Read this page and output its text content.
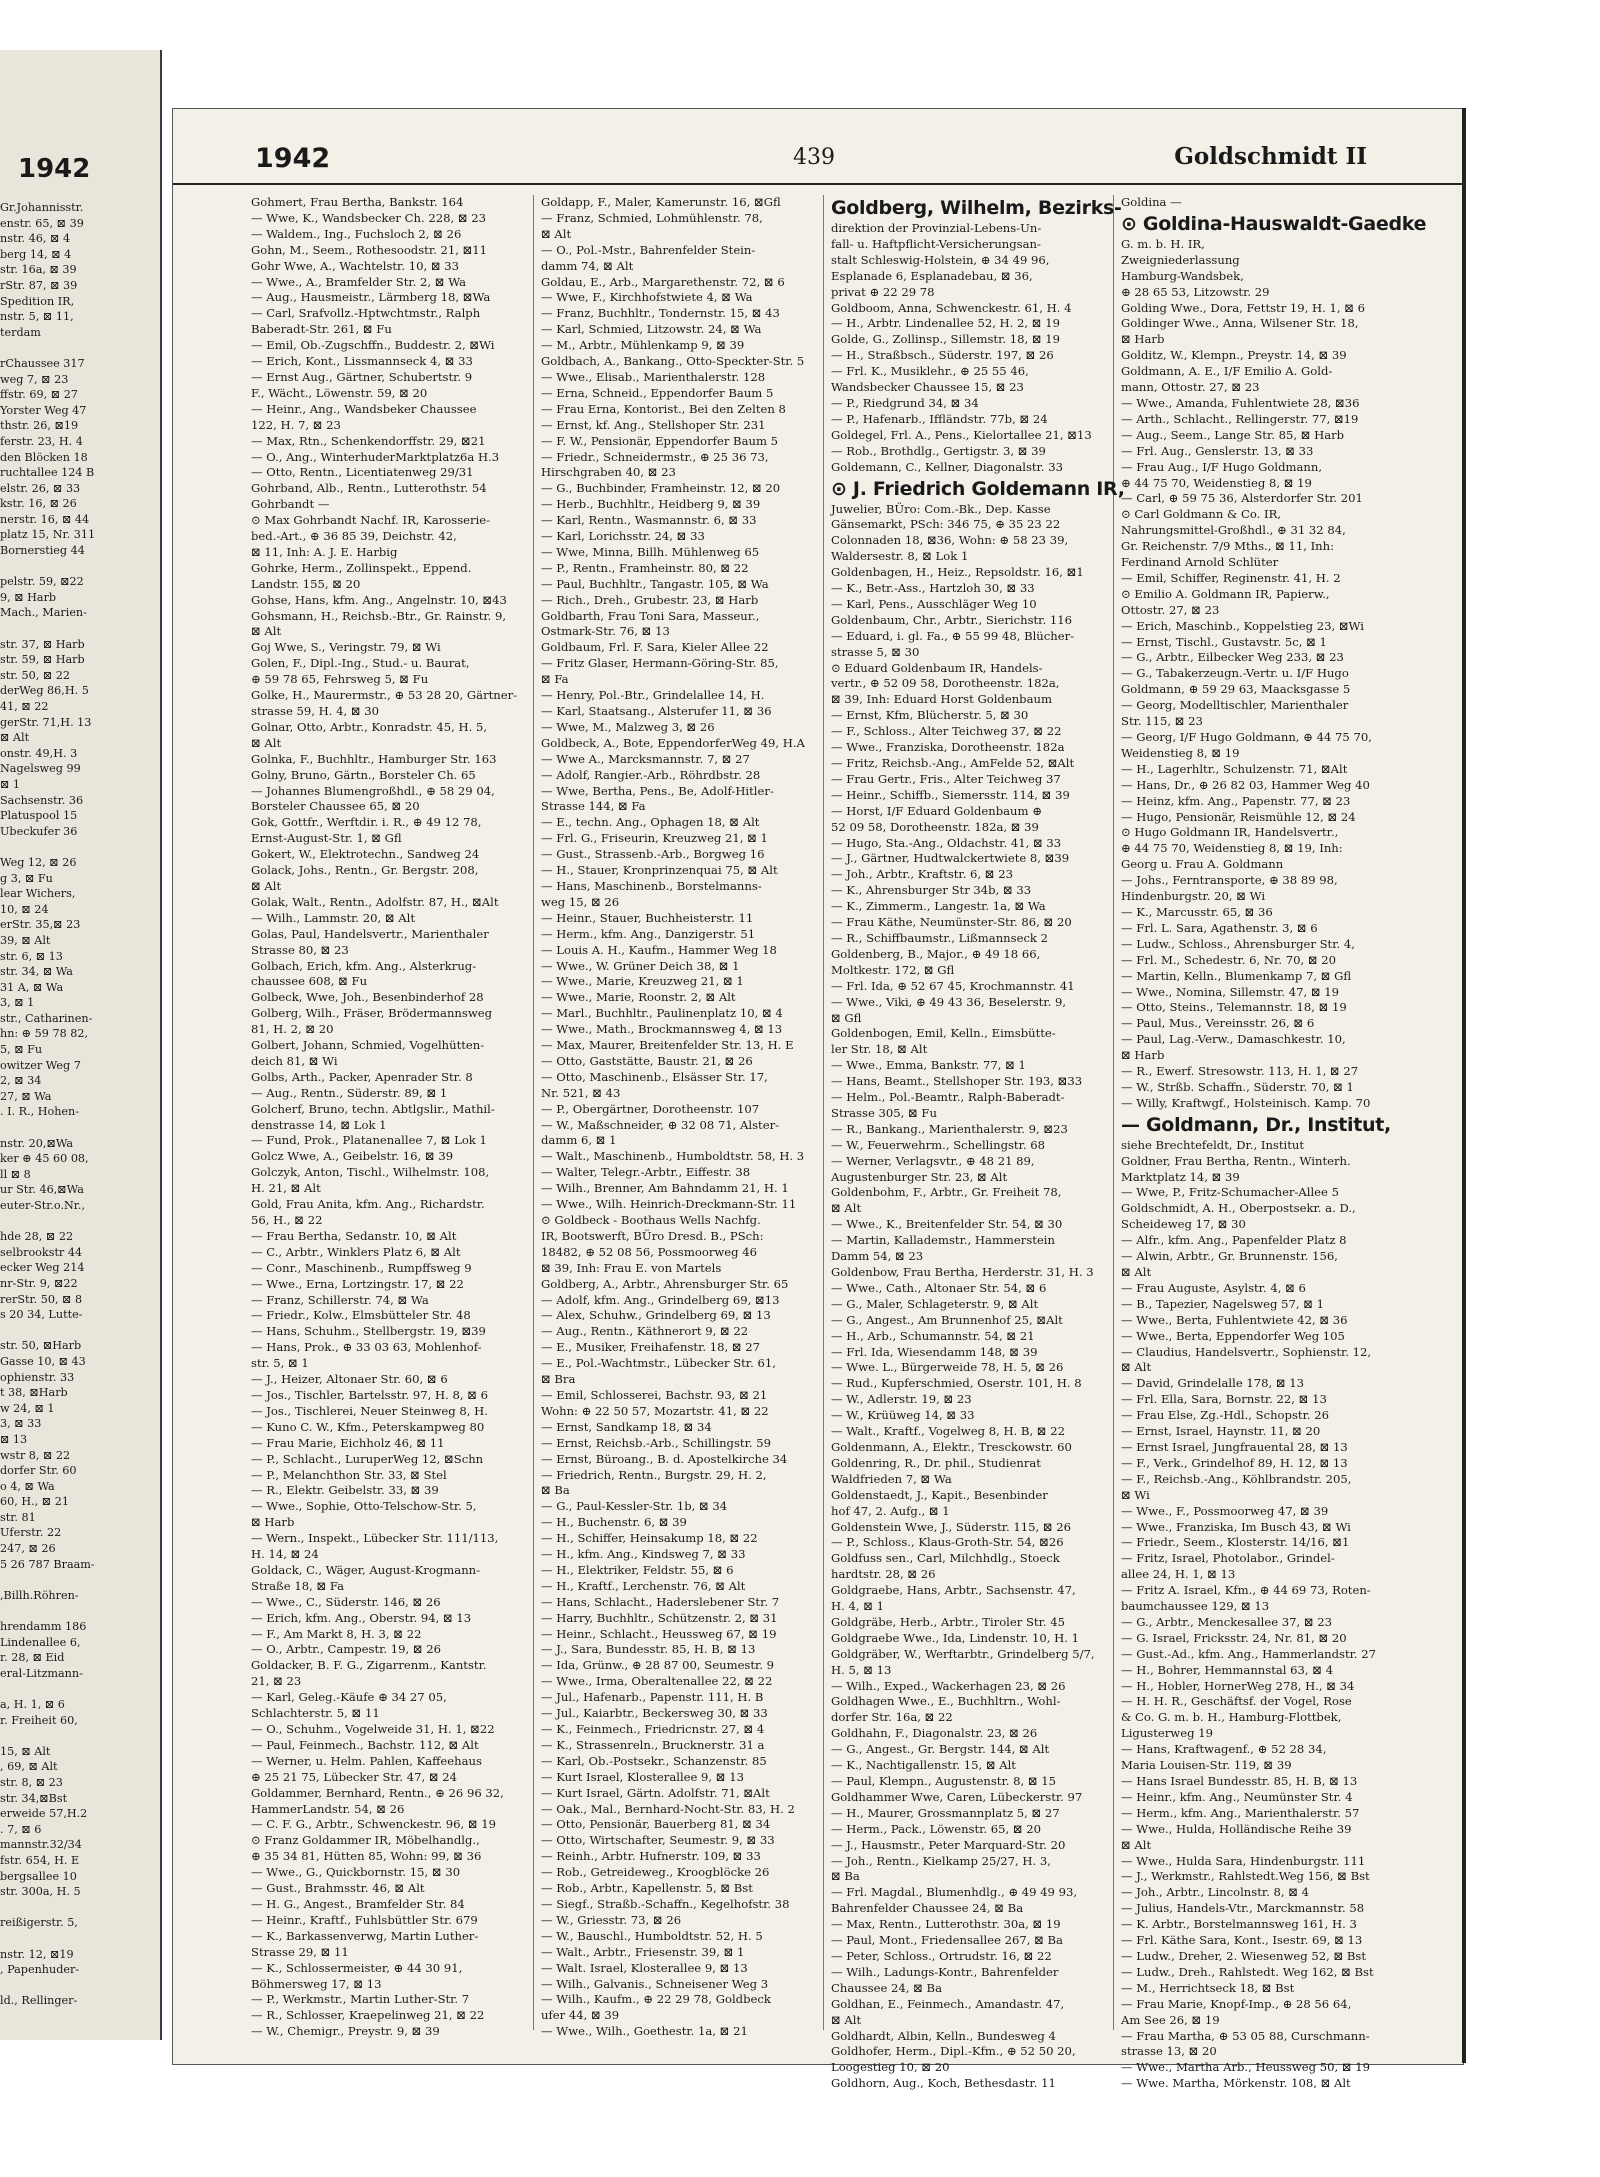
1942
Gr.Johannisstr.
enstr. 65, ⊠ 39
nstr. 46, ⊠ 4
berg 14, ⊠ 4
str. 16a, ⊠ 39
rStr. 87, ⊠ 39
Spedition IR,
nstr. 5, ⊠ 11,
terdam

rChaussee 317
weg 7, ⊠ 23
ffstr. 69, ⊠ 27
Yorster Weg 47
thstr. 26, ⊠19
ferstr. 23, H. 4
den Blöcken 18
ruchtallee 124 B
elstr. 26, ⊠ 33
kstr. 16, ⊠ 26
nerstr. 16, ⊠ 44
platz 15, Nr. 311
Bornerstieg 44

pelstr. 59, ⊠22
9, ⊠ Harb
Mach., Marien-

str. 37, ⊠ Harb
str. 59, ⊠ Harb
str. 50, ⊠ 22
derWeg 86,H. 5
41, ⊠ 22
gerStr. 71,H. 13
⊠ Alt
onstr. 49,H. 3
Nagelsweg 99
⊠ 1
Sachsenstr. 36
Platuspool 15
Ubeckufer 36

Weg 12, ⊠ 26
g 3, ⊠ Fu
lear Wichers,
10, ⊠ 24
erStr. 35,⊠ 23
39, ⊠ Alt
str. 6, ⊠ 13
str. 34, ⊠ Wa
31 A, ⊠ Wa
3, ⊠ 1
str., Catharinen-
hn: ⊕ 59 78 82,
5, ⊠ Fu
owitzer Weg 7
2, ⊠ 34
27, ⊠ Wa
. I. R., Hohen-

nstr. 20,⊠Wa
ker ⊕ 45 60 08,
ll ⊠ 8
ur Str. 46,⊠Wa
euter-Str.o.Nr.,

hde 28, ⊠ 22
selbrookstr 44
ecker Weg 214
nr-Str. 9, ⊠22
rerStr. 50, ⊠ 8
s 20 34, Lutte-

str. 50, ⊠Harb
Gasse 10, ⊠ 43
ophienstr. 33
t 38, ⊠Harb
w 24, ⊠ 1
3, ⊠ 33
⊠ 13
wstr 8, ⊠ 22
dorfer Str. 60
o 4, ⊠ Wa
60, H., ⊠ 21
str. 81
Uferstr. 22
247, ⊠ 26
5 26 787 Braam-

,Billh.Röhren-

hrendamm 186
Lindenallee 6,
r. 28, ⊠ Eid
eral-Litzmann-

a, H. 1, ⊠ 6
r. Freiheit 60,

15, ⊠ Alt
, 69, ⊠ Alt
str. 8, ⊠ 23
str. 34,⊠Bst
erweide 57,H.2
. 7, ⊠ 6
mannstr.32/34
fstr. 654, H. E
bergsallee 10
str. 300a, H. 5

reißigerstr. 5,

nstr. 12, ⊠19
, Papenhuder-

ld., Rellinger-
1942	439	Goldschmidt II
Gohmert, Frau Bertha, Bankstr. 164
— Wwe, K., Wandsbecker Ch. 228, ⊠ 23
— Waldem., Ing., Fuchsloch 2, ⊠ 26
Gohn, M., Seem., Rothesoodstr. 21, ⊠11
Gohr Wwe, A., Wachtelstr. 10, ⊠ 33
— Wwe., A., Bramfelder Str. 2, ⊠ Wa
— Aug., Hausmeistr., Lärmberg 18, ⊠Wa
— Carl, Srafvollz.-Hptwchtmstr., Ralph
Baberadt-Str. 261, ⊠ Fu
— Emil, Ob.-Zugschffn., Buddestr. 2, ⊠Wi
— Erich, Kont., Lissmannseck 4, ⊠ 33
— Ernst Aug., Gärtner, Schubertstr. 9
F., Wächt., Löwenstr. 59, ⊠ 20
— Heinr., Ang., Wandsbeker Chaussee
122, H. 7, ⊠ 23
— Max, Rtn., Schenkendorffstr. 29, ⊠21
— O., Ang., WinterhuderMarktplatz6a H.3
— Otto, Rentn., Licentiatenweg 29/31
Gohrband, Alb., Rentn., Lutterothstr. 54
Gohrbandt —
⊙ Max Gohrbandt Nachf. IR, Karosserie-
bed.-Art., ⊕ 36 85 39, Deichstr. 42,
⊠ 11, Inh: A. J. E. Harbig
Gohrke, Herm., Zollinspekt., Eppend.
Landstr. 155, ⊠ 20
Gohse, Hans, kfm. Ang., Angelnstr. 10, ⊠43
Gohsmann, H., Reichsb.-Btr., Gr. Rainstr. 9,
⊠ Alt
Goj Wwe, S., Veringstr. 79, ⊠ Wi
Golen, F., Dipl.-Ing., Stud.- u. Baurat,
⊕ 59 78 65, Fehrsweg 5, ⊠ Fu
Golke, H., Maurermstr., ⊕ 53 28 20, Gärtner-
strasse 59, H. 4, ⊠ 30
Golnar, Otto, Arbtr., Konradstr. 45, H. 5,
⊠ Alt
Golnka, F., Buchhltr., Hamburger Str. 163
Golny, Bruno, Gärtn., Borsteler Ch. 65
— Johannes Blumengroßhdl., ⊕ 58 29 04,
Borsteler Chaussee 65, ⊠ 20
Gok, Gottfr., Werftdir. i. R., ⊕ 49 12 78,
Ernst-August-Str. 1, ⊠ Gfl
Gokert, W., Elektrotechn., Sandweg 24
Golack, Johs., Rentn., Gr. Bergstr. 208,
⊠ Alt
Golak, Walt., Rentn., Adolfstr. 87, H., ⊠Alt
— Wilh., Lammstr. 20, ⊠ Alt
Golas, Paul, Handelsvertr., Marienthaler
Strasse 80, ⊠ 23
Golbach, Erich, kfm. Ang., Alsterkrug-
chaussee 608, ⊠ Fu
Golbeck, Wwe, Joh., Besenbinderhof 28
Golberg, Wilh., Fräser, Brödermannsweg
81, H. 2, ⊠ 20
Golbert, Johann, Schmied, Vogelhütten-
deich 81, ⊠ Wi
Golbs, Arth., Packer, Apenrader Str. 8
— Aug., Rentn., Süderstr. 89, ⊠ 1
Golcherf, Bruno, techn. Abtlgslir., Mathil-
denstrasse 14, ⊠ Lok 1
— Fund, Prok., Platanenallee 7, ⊠ Lok 1
Golcz Wwe, A., Geibelstr. 16, ⊠ 39
Golczyk, Anton, Tischl., Wilhelmstr. 108,
H. 21, ⊠ Alt
Gold, Frau Anita, kfm. Ang., Richardstr.
56, H., ⊠ 22
— Frau Bertha, Sedanstr. 10, ⊠ Alt
— C., Arbtr., Winklers Platz 6, ⊠ Alt
— Conr., Maschinenb., Rumpffsweg 9
— Wwe., Erna, Lortzingstr. 17, ⊠ 22
— Franz, Schillerstr. 74, ⊠ Wa
— Friedr., Kolw., Elmsbütteler Str. 48
— Hans, Schuhm., Stellbergstr. 19, ⊠39
— Hans, Prok., ⊕ 33 03 63, Mohlenhof-
str. 5, ⊠ 1
— J., Heizer, Altonaer Str. 60, ⊠ 6
— Jos., Tischler, Bartelsstr. 97, H. 8, ⊠ 6
— Jos., Tischlerei, Neuer Steinweg 8, H.
— Kuno C. W., Kfm., Peterskampweg 80
— Frau Marie, Eichholz 46, ⊠ 11
— P., Schlacht., LuruperWeg 12, ⊠Schn
— P., Melanchthon Str. 33, ⊠ Stel
— R., Elektr. Geibelstr. 33, ⊠ 39
— Wwe., Sophie, Otto-Telschow-Str. 5,
⊠ Harb
— Wern., Inspekt., Lübecker Str. 111/113,
H. 14, ⊠ 24
Goldack, C., Wäger, August-Krogmann-
Straße 18, ⊠ Fa
— Wwe., C., Süderstr. 146, ⊠ 26
— Erich, kfm. Ang., Oberstr. 94, ⊠ 13
— F., Am Markt 8, H. 3, ⊠ 22
— O., Arbtr., Campestr. 19, ⊠ 26
Goldacker, B. F. G., Zigarrenm., Kantstr.
21, ⊠ 23
— Karl, Geleg.-Käufe ⊕ 34 27 05,
Schlachterstr. 5, ⊠ 11
— O., Schuhm., Vogelweide 31, H. 1, ⊠22
— Paul, Feinmech., Bachstr. 112, ⊠ Alt
— Werner, u. Helm. Pahlen, Kaffeehaus
⊕ 25 21 75, Lübecker Str. 47, ⊠ 24
Goldammer, Bernhard, Rentn., ⊕ 26 96 32,
HammerLandstr. 54, ⊠ 26
— C. F. G., Arbtr., Schwenckestr. 96, ⊠ 19
⊙ Franz Goldammer IR, Möbelhandlg.,
⊕ 35 34 81, Hütten 85, Wohn: 99, ⊠ 36
— Wwe., G., Quickbornstr. 15, ⊠ 30
— Gust., Brahmsstr. 46, ⊠ Alt
— H. G., Angest., Bramfelder Str. 84
— Heinr., Kraftf., Fuhlsbüttler Str. 679
— K., Barkassenverwg, Martin Luther-
Strasse 29, ⊠ 11
— K., Schlossermeister, ⊕ 44 30 91,
Böhmersweg 17, ⊠ 13
— P., Werkmstr., Martin Luther-Str. 7
— R., Schlosser, Kraepelinweg 21, ⊠ 22
— W., Chemigr., Preystr. 9, ⊠ 39
Goldapp, F., Maler, Kamerunstr. 16, ⊠Gfl
— Franz, Schmied, Lohmühlenstr. 78,
⊠ Alt
— O., Pol.-Mstr., Bahrenfelder Stein-
damm 74, ⊠ Alt
Goldau, E., Arb., Margarethenstr. 72, ⊠ 6
— Wwe, F., Kirchhofstwiete 4, ⊠ Wa
— Franz, Buchhltr., Tondernstr. 15, ⊠ 43
— Karl, Schmied, Litzowstr. 24, ⊠ Wa
— M., Arbtr., Mühlenkamp 9, ⊠ 39
Goldbach, A., Bankang., Otto-Speckter-Str. 5
— Wwe., Elisab., Marienthalerstr. 128
— Erna, Schneid., Eppendorfer Baum 5
— Frau Erna, Kontorist., Bei den Zelten 8
— Ernst, kf. Ang., Stellshoper Str. 231
— F. W., Pensionär, Eppendorfer Baum 5
— Friedr., Schneidermstr., ⊕ 25 36 73,
Hirschgraben 40, ⊠ 23
— G., Buchbinder, Framheinstr. 12, ⊠ 20
— Herb., Buchhltr., Heidberg 9, ⊠ 39
— Karl, Rentn., Wasmannstr. 6, ⊠ 33
— Karl, Lorichsstr. 24, ⊠ 33
— Wwe, Minna, Billh. Mühlenweg 65
— P., Rentn., Framheinstr. 80, ⊠ 22
— Paul, Buchhltr., Tangastr. 105, ⊠ Wa
— Rich., Dreh., Grubestr. 23, ⊠ Harb
Goldbarth, Frau Toni Sara, Masseur.,
Ostmark-Str. 76, ⊠ 13
Goldbaum, Frl. F. Sara, Kieler Allee 22
— Fritz Glaser, Hermann-Göring-Str. 85,
⊠ Fa
— Henry, Pol.-Btr., Grindelallee 14, H.
— Karl, Staatsang., Alsterufer 11, ⊠ 36
— Wwe, M., Malzweg 3, ⊠ 26
Goldbeck, A., Bote, EppendorferWeg 49, H.A
— Wwe A., Marcksmannstr. 7, ⊠ 27
— Adolf, Rangier.-Arb., Röhrdbstr. 28
— Wwe, Bertha, Pens., Be, Adolf-Hitler-
Strasse 144, ⊠ Fa
— E., techn. Ang., Ophagen 18, ⊠ Alt
— Frl. G., Friseurin, Kreuzweg 21, ⊠ 1
— Gust., Strassenb.-Arb., Borgweg 16
— H., Stauer, Kronprinzenquai 75, ⊠ Alt
— Hans, Maschinenb., Borstelmanns-
weg 15, ⊠ 26
— Heinr., Stauer, Buchheisterstr. 11
— Herm., kfm. Ang., Danzigerstr. 51
— Louis A. H., Kaufm., Hammer Weg 18
— Wwe., W. Grüner Deich 38, ⊠ 1
— Wwe., Marie, Kreuzweg 21, ⊠ 1
— Wwe., Marie, Roonstr. 2, ⊠ Alt
— Marl., Buchhltr., Paulinenplatz 10, ⊠ 4
— Wwe., Math., Brockmannsweg 4, ⊠ 13
— Max, Maurer, Breitenfelder Str. 13, H. E
— Otto, Gaststätte, Baustr. 21, ⊠ 26
— Otto, Maschinenb., Elsässer Str. 17,
Nr. 521, ⊠ 43
— P., Obergärtner, Dorotheenstr. 107
— W., Maßschneider, ⊕ 32 08 71, Alster-
damm 6, ⊠ 1
— Walt., Maschinenb., Humboldtstr. 58, H. 3
— Walter, Telegr.-Arbtr., Eiffestr. 38
— Wilh., Brenner, Am Bahndamm 21, H. 1
— Wwe., Wilh. Heinrich-Dreckmann-Str. 11
⊙ Goldbeck - Boothaus Wells Nachfg.
IR, Bootswerft, BÜro Dresd. B., PSch:
18482, ⊕ 52 08 56, Possmoorweg 46
⊠ 39, Inh: Frau E. von Martels
Goldberg, A., Arbtr., Ahrensburger Str. 65
— Adolf, kfm. Ang., Grindelberg 69, ⊠13
— Alex, Schuhw., Grindelberg 69, ⊠ 13
— Aug., Rentn., Käthnerort 9, ⊠ 22
— E., Musiker, Freihafenstr. 18, ⊠ 27
— E., Pol.-Wachtmstr., Lübecker Str. 61,
⊠ Bra
— Emil, Schlosserei, Bachstr. 93, ⊠ 21
Wohn: ⊕ 22 50 57, Mozartstr. 41, ⊠ 22
— Ernst, Sandkamp 18, ⊠ 34
— Ernst, Reichsb.-Arb., Schillingstr. 59
— Ernst, Büroang., B. d. Apostelkirche 34
— Friedrich, Rentn., Burgstr. 29, H. 2,
⊠ Ba
— G., Paul-Kessler-Str. 1b, ⊠ 34
— H., Buchenstr. 6, ⊠ 39
— H., Schiffer, Heinsakump 18, ⊠ 22
— H., kfm. Ang., Kindsweg 7, ⊠ 33
— H., Elektriker, Feldstr. 55, ⊠ 6
— H., Kraftf., Lerchenstr. 76, ⊠ Alt
— Hans, Schlacht., Haderslebener Str. 7
— Harry, Buchhltr., Schützenstr. 2, ⊠ 31
— Heinr., Schlacht., Heussweg 67, ⊠ 19
— J., Sara, Bundesstr. 85, H. B, ⊠ 13
— Ida, Grünw., ⊕ 28 87 00, Seumestr. 9
— Wwe., Irma, Oberaltenallee 22, ⊠ 22
— Jul., Hafenarb., Papenstr. 111, H. B
— Jul., Kaiarbtr., Beckersweg 30, ⊠ 33
— K., Feinmech., Friedricnstr. 27, ⊠ 4
— K., Strassenreln., Brucknerstr. 31 a
— Karl, Ob.-Postsekr., Schanzenstr. 85
— Kurt Israel, Klosterallee 9, ⊠ 13
— Kurt Israel, Gärtn. Adolfstr. 71, ⊠Alt
— Oak., Mal., Bernhard-Nocht-Str. 83, H. 2
— Otto, Pensionär, Bauerberg 81, ⊠ 34
— Otto, Wirtschafter, Seumestr. 9, ⊠ 33
— Reinh., Arbtr. Hufnerstr. 109, ⊠ 33
— Rob., Getreideweg., Kroogblöcke 26
— Rob., Arbtr., Kapellenstr. 5, ⊠ Bst
— Siegf., Straßb.-Schaffn., Kegelhofstr. 38
— W., Griesstr. 73, ⊠ 26
— W., Bauschl., Humboldtstr. 52, H. 5
— Walt., Arbtr., Friesenstr. 39, ⊠ 1
— Walt. Israel, Klosterallee 9, ⊠ 13
— Wilh., Galvanis., Schneisener Weg 3
— Wilh., Kaufm., ⊕ 22 29 78, Goldbeck
ufer 44, ⊠ 39
— Wwe., Wilh., Goethestr. 1a, ⊠ 21
Goldberg, Wilhelm, Bezirks-
direktion der Provinzial-Lebens-Un-
fall- u. Haftpflicht-Versicherungsan-
stalt Schleswig-Holstein, ⊕ 34 49 96,
Esplanade 6, Esplanadebau, ⊠ 36,
privat ⊕ 22 29 78
Goldboom, Anna, Schwenckestr. 61, H. 4
— H., Arbtr. Lindenallee 52, H. 2, ⊠ 19
Golde, G., Zollinsp., Sillemstr. 18, ⊠ 19
— H., Straßbsch., Süderstr. 197, ⊠ 26
— Frl. K., Musiklehr., ⊕ 25 55 46,
Wandsbecker Chaussee 15, ⊠ 23
— P., Riedgrund 34, ⊠ 34
— P., Hafenarb., Iffländstr. 77b, ⊠ 24
Goldegel, Frl. A., Pens., Kielortallee 21, ⊠13
— Rob., Brothdlg., Gertigstr. 3, ⊠ 39
Goldemann, C., Kellner, Diagonalstr. 33
⊙ J. Friedrich Goldemann IR,
Juwelier, BÜro: Com.-Bk., Dep. Kasse
Gänsemarkt, PSch: 346 75, ⊕ 35 23 22
Colonnaden 18, ⊠36, Wohn: ⊕ 58 23 39,
Waldersestr. 8, ⊠ Lok 1
Goldenbagen, H., Heiz., Repsoldstr. 16, ⊠1
— K., Betr.-Ass., Hartzloh 30, ⊠ 33
— Karl, Pens., Ausschläger Weg 10
Goldenbaum, Chr., Arbtr., Sierichstr. 116
— Eduard, i. gl. Fa., ⊕ 55 99 48, Blücher-
strasse 5, ⊠ 30
⊙ Eduard Goldenbaum IR, Handels-
vertr., ⊕ 52 09 58, Dorotheenstr. 182a,
⊠ 39, Inh: Eduard Horst Goldenbaum
— Ernst, Kfm, Blücherstr. 5, ⊠ 30
— F., Schloss., Alter Teichweg 37, ⊠ 22
— Wwe., Franziska, Dorotheenstr. 182a
— Fritz, Reichsb.-Ang., AmFelde 52, ⊠Alt
— Frau Gertr., Fris., Alter Teichweg 37
— Heinr., Schiffb., Siemersstr. 114, ⊠ 39
— Horst, I/F Eduard Goldenbaum ⊕
52 09 58, Dorotheenstr. 182a, ⊠ 39
— Hugo, Sta.-Ang., Oldachstr. 41, ⊠ 33
— J., Gärtner, Hudtwalckertwiete 8, ⊠39
— Joh., Arbtr., Kraftstr. 6, ⊠ 23
— K., Ahrensburger Str 34b, ⊠ 33
— K., Zimmerm., Langestr. 1a, ⊠ Wa
— Frau Käthe, Neumünster-Str. 86, ⊠ 20
— R., Schiffbaumstr., Lißmannseck 2
Goldenberg, B., Major., ⊕ 49 18 66,
Moltkestr. 172, ⊠ Gfl
— Frl. Ida, ⊕ 52 67 45, Krochmannstr. 41
— Wwe., Viki, ⊕ 49 43 36, Beselerstr. 9,
⊠ Gfl
Goldenbogen, Emil, Kelln., Eimsbütte-
ler Str. 18, ⊠ Alt
— Wwe., Emma, Bankstr. 77, ⊠ 1
— Hans, Beamt., Stellshoper Str. 193, ⊠33
— Helm., Pol.-Beamtr., Ralph-Baberadt-
Strasse 305, ⊠ Fu
— R., Bankang., Marienthalerstr. 9, ⊠23
— W., Feuerwehrm., Schellingstr. 68
— Werner, Verlagsvtr., ⊕ 48 21 89,
Augustenburger Str. 23, ⊠ Alt
Goldenbohm, F., Arbtr., Gr. Freiheit 78,
⊠ Alt
— Wwe., K., Breitenfelder Str. 54, ⊠ 30
— Martin, Kallademstr., Hammerstein
Damm 54, ⊠ 23
Goldenbow, Frau Bertha, Herderstr. 31, H. 3
— Wwe., Cath., Altonaer Str. 54, ⊠ 6
— G., Maler, Schlageterstr. 9, ⊠ Alt
— G., Angest., Am Brunnenhof 25, ⊠Alt
— H., Arb., Schumannstr. 54, ⊠ 21
— Frl. Ida, Wiesendamm 148, ⊠ 39
— Wwe. L., Bürgerweide 78, H. 5, ⊠ 26
— Rud., Kupferschmied, Oserstr. 101, H. 8
— W., Adlerstr. 19, ⊠ 23
— W., Krüüweg 14, ⊠ 33
— Walt., Kraftf., Vogelweg 8, H. B, ⊠ 22
Goldenmann, A., Elektr., Tresckowstr. 60
Goldenring, R., Dr. phil., Studienrat
Waldfrieden 7, ⊠ Wa
Goldenstaedt, J., Kapit., Besenbinder
hof 47, 2. Aufg., ⊠ 1
Goldenstein Wwe, J., Süderstr. 115, ⊠ 26
— P., Schloss., Klaus-Groth-Str. 54, ⊠26
Goldfuss sen., Carl, Milchhdlg., Stoeck
hardtstr. 28, ⊠ 26
Goldgraebe, Hans, Arbtr., Sachsenstr. 47,
H. 4, ⊠ 1
Goldgräbe, Herb., Arbtr., Tiroler Str. 45
Goldgraebe Wwe., Ida, Lindenstr. 10, H. 1
Goldgräber, W., Werftarbtr., Grindelberg 5/7,
H. 5, ⊠ 13
— Wilh., Exped., Wackerhagen 23, ⊠ 26
Goldhagen Wwe., E., Buchhltrn., Wohl-
dorfer Str. 16a, ⊠ 22
Goldhahn, F., Diagonalstr. 23, ⊠ 26
— G., Angest., Gr. Bergstr. 144, ⊠ Alt
— K., Nachtigallenstr. 15, ⊠ Alt
— Paul, Klempn., Augustenstr. 8, ⊠ 15
Goldhammer Wwe, Caren, Lübeckerstr. 97
— H., Maurer, Grossmannplatz 5, ⊠ 27
— Herm., Pack., Löwenstr. 65, ⊠ 20
— J., Hausmstr., Peter Marquard-Str. 20
— Joh., Rentn., Kielkamp 25/27, H. 3,
⊠ Ba
— Frl. Magdal., Blumenhdlg., ⊕ 49 49 93,
Bahrenfelder Chaussee 24, ⊠ Ba
— Max, Rentn., Lutterothstr. 30a, ⊠ 19
— Paul, Mont., Friedensallee 267, ⊠ Ba
— Peter, Schloss., Ortrudstr. 16, ⊠ 22
— Wilh., Ladungs-Kontr., Bahrenfelder
Chaussee 24, ⊠ Ba
Goldhan, E., Feinmech., Amandastr. 47,
⊠ Alt
Goldhardt, Albin, Kelln., Bundesweg 4
Goldhofer, Herm., Dipl.-Kfm., ⊕ 52 50 20,
Loogestieg 10, ⊠ 20
Goldhorn, Aug., Koch, Bethesdastr. 11
Goldina —
⊙ Goldina-Hauswaldt-Gaedke
G. m. b. H. IR,
Zweigniederlassung
Hamburg-Wandsbek,
⊕ 28 65 53, Litzowstr. 29
Golding Wwe., Dora, Fettstr 19, H. 1, ⊠ 6
Goldinger Wwe., Anna, Wilsener Str. 18,
⊠ Harb
Golditz, W., Klempn., Preystr. 14, ⊠ 39
Goldmann, A. E., I/F Emilio A. Gold-
mann, Ottostr. 27, ⊠ 23
— Wwe., Amanda, Fuhlentwiete 28, ⊠36
— Arth., Schlacht., Rellingerstr. 77, ⊠19
— Aug., Seem., Lange Str. 85, ⊠ Harb
— Frl. Aug., Genslerstr. 13, ⊠ 33
— Frau Aug., I/F Hugo Goldmann,
⊕ 44 75 70, Weidenstieg 8, ⊠ 19
— Carl, ⊕ 59 75 36, Alsterdorfer Str. 201
⊙ Carl Goldmann & Co. IR,
Nahrungsmittel-Großhdl., ⊕ 31 32 84,
Gr. Reichenstr. 7/9 Mths., ⊠ 11, Inh:
Ferdinand Arnold Schlüter
— Emil, Schiffer, Reginenstr. 41, H. 2
⊙ Emilio A. Goldmann IR, Papierw.,
Ottostr. 27, ⊠ 23
— Erich, Maschinb., Koppelstieg 23, ⊠Wi
— Ernst, Tischl., Gustavstr. 5c, ⊠ 1
— G., Arbtr., Eilbecker Weg 233, ⊠ 23
— G., Tabakerzeugn.-Vertr. u. I/F Hugo
Goldmann, ⊕ 59 29 63, Maacksgasse 5
— Georg, Modelltischler, Marienthaler
Str. 115, ⊠ 23
— Georg, I/F Hugo Goldmann, ⊕ 44 75 70,
Weidenstieg 8, ⊠ 19
— H., Lagerhltr., Schulzenstr. 71, ⊠Alt
— Hans, Dr., ⊕ 26 82 03, Hammer Weg 40
— Heinz, kfm. Ang., Papenstr. 77, ⊠ 23
— Hugo, Pensionär, Reismühle 12, ⊠ 24
⊙ Hugo Goldmann IR, Handelsvertr.,
⊕ 44 75 70, Weidenstieg 8, ⊠ 19, Inh:
Georg u. Frau A. Goldmann
— Johs., Ferntransporte, ⊕ 38 89 98,
Hindenburgstr. 20, ⊠ Wi
— K., Marcusstr. 65, ⊠ 36
— Frl. L. Sara, Agathenstr. 3, ⊠ 6
— Ludw., Schloss., Ahrensburger Str. 4,
— Frl. M., Schedestr. 6, Nr. 70, ⊠ 20
— Martin, Kelln., Blumenkamp 7, ⊠ Gfl
— Wwe., Nomina, Sillemstr. 47, ⊠ 19
— Otto, Steins., Telemannstr. 18, ⊠ 19
— Paul, Mus., Vereinsstr. 26, ⊠ 6
— Paul, Lag.-Verw., Damaschkestr. 10,
⊠ Harb
— R., Ewerf. Stresowstr. 113, H. 1, ⊠ 27
— W., Strßb. Schaffn., Süderstr. 70, ⊠ 1
— Willy, Kraftwgf., Holsteinisch. Kamp. 70
— Goldmann, Dr., Institut,
siehe Brechtefeldt, Dr., Institut
Goldner, Frau Bertha, Rentn., Winterh.
Marktplatz 14, ⊠ 39
— Wwe, P., Fritz-Schumacher-Allee 5
Goldschmidt, A. H., Oberpostsekr. a. D.,
Scheideweg 17, ⊠ 30
— Alfr., kfm. Ang., Papenfelder Platz 8
— Alwin, Arbtr., Gr. Brunnenstr. 156,
⊠ Alt
— Frau Auguste, Asylstr. 4, ⊠ 6
— B., Tapezier, Nagelsweg 57, ⊠ 1
— Wwe., Berta, Fuhlentwiete 42, ⊠ 36
— Wwe., Berta, Eppendorfer Weg 105
— Claudius, Handelsvertr., Sophienstr. 12,
⊠ Alt
— David, Grindelalle 178, ⊠ 13
— Frl. Ella, Sara, Bornstr. 22, ⊠ 13
— Frau Else, Zg.-Hdl., Schopstr. 26
— Ernst, Israel, Haynstr. 11, ⊠ 20
— Ernst Israel, Jungfrauental 28, ⊠ 13
— F., Verk., Grindelhof 89, H. 12, ⊠ 13
— F., Reichsb.-Ang., Köhlbrandstr. 205,
⊠ Wi
— Wwe., F., Possmoorweg 47, ⊠ 39
— Wwe., Franziska, Im Busch 43, ⊠ Wi
— Friedr., Seem., Klosterstr. 14/16, ⊠1
— Fritz, Israel, Photolabor., Grindel-
allee 24, H. 1, ⊠ 13
— Fritz A. Israel, Kfm., ⊕ 44 69 73, Roten-
baumchaussee 129, ⊠ 13
— G., Arbtr., Menckesallee 37, ⊠ 23
— G. Israel, Fricksstr. 24, Nr. 81, ⊠ 20
— Gust.-Ad., kfm. Ang., Hammerlandstr. 27
— H., Bohrer, Hemmannstal 63, ⊠ 4
— H., Hobler, HornerWeg 278, H., ⊠ 34
— H. H. R., Geschäftsf. der Vogel, Rose
& Co. G. m. b. H., Hamburg-Flottbek,
Ligusterweg 19
— Hans, Kraftwagenf., ⊕ 52 28 34,
Maria Louisen-Str. 119, ⊠ 39
— Hans Israel Bundesstr. 85, H. B, ⊠ 13
— Heinr., kfm. Ang., Neumünster Str. 4
— Herm., kfm. Ang., Marienthalerstr. 57
— Wwe., Hulda, Holländische Reihe 39
⊠ Alt
— Wwe., Hulda Sara, Hindenburgstr. 111
— J., Werkmstr., Rahlstedt.Weg 156, ⊠ Bst
— Joh., Arbtr., Lincolnstr. 8, ⊠ 4
— Julius, Handels-Vtr., Marckmannstr. 58
— K. Arbtr., Borstelmannsweg 161, H. 3
— Frl. Käthe Sara, Kont., Isestr. 69, ⊠ 13
— Ludw., Dreher, 2. Wiesenweg 52, ⊠ Bst
— Ludw., Dreh., Rahlstedt. Weg 162, ⊠ Bst
— M., Herrichtseck 18, ⊠ Bst
— Frau Marie, Knopf-Imp., ⊕ 28 56 64,
Am See 26, ⊠ 19
— Frau Martha, ⊕ 53 05 88, Curschmann-
strasse 13, ⊠ 20
— Wwe., Martha Arb., Heussweg 50, ⊠ 19
— Wwe. Martha, Mörkenstr. 108, ⊠ Alt
